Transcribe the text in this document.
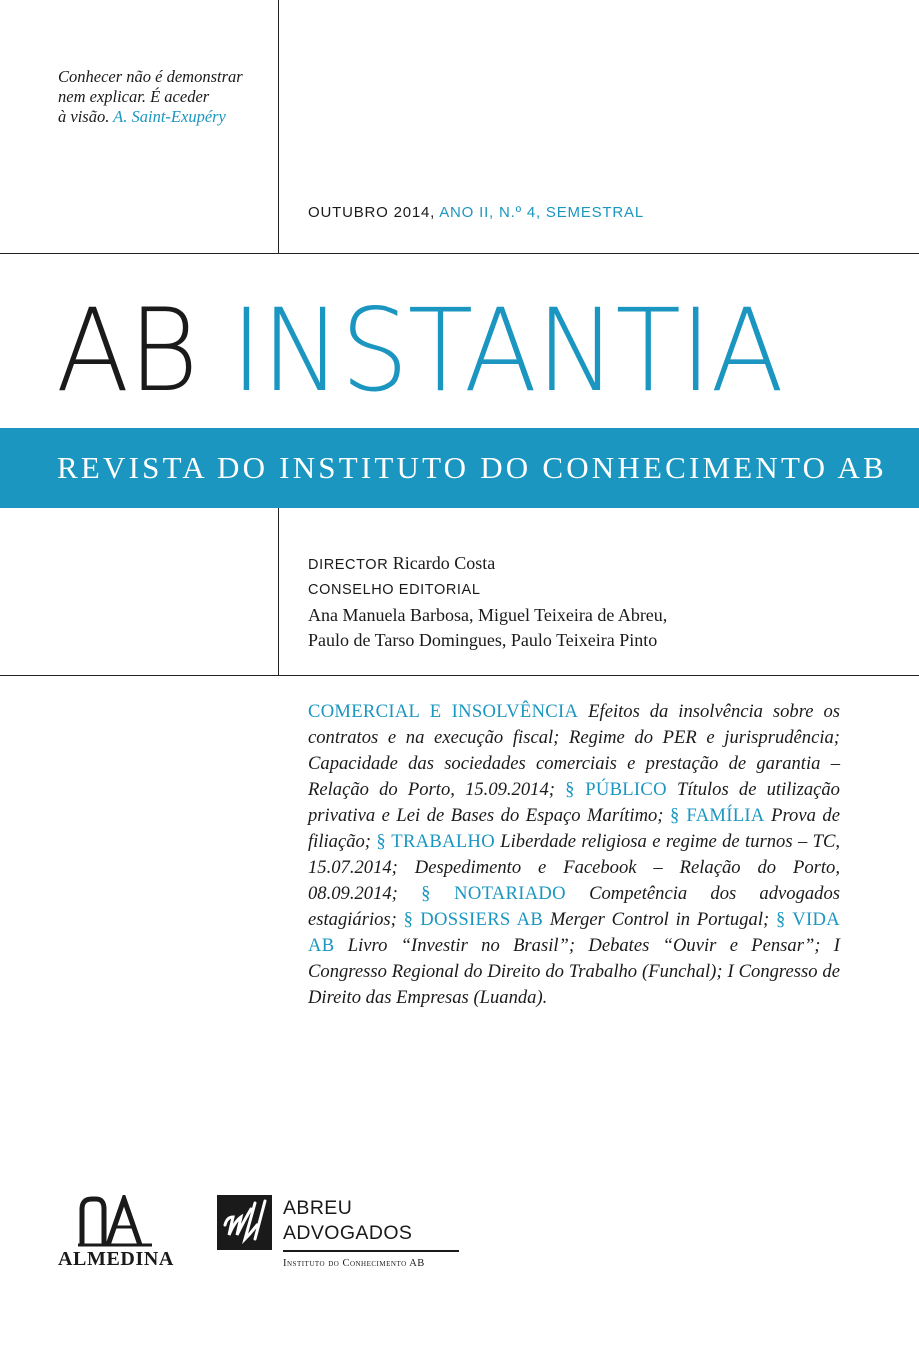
Conhecer não é demonstrar
nem explicar. É aceder
à visão. A. Saint-Exupéry
OUTUBRO 2014, ANO II, N.º 4, SEMESTRAL
AB INSTANTIA
REVISTA DO INSTITUTO DO CONHECIMENTO AB
DIRECTOR Ricardo Costa
CONSELHO EDITORIAL
Ana Manuela Barbosa, Miguel Teixeira de Abreu,
Paulo de Tarso Domingues, Paulo Teixeira Pinto
COMERCIAL E INSOLVÊNCIA Efeitos da insolvência sobre os contratos e na execução fiscal; Regime do PER e jurisprudência; Capacidade das sociedades comerciais e prestação de garantia – Relação do Porto, 15.09.2014; § PÚBLICO Títulos de utilização privativa e Lei de Bases do Espaço Marítimo; § FAMÍLIA Prova de filiação; § TRABALHO Liberdade religiosa e regime de turnos – TC, 15.07.2014; Despedimento e Facebook – Relação do Porto, 08.09.2014; § NOTARIADO Competência dos advogados estagiários; § DOSSIERS AB Merger Control in Portugal; § VIDA AB Livro “Investir no Brasil”; Debates “Ouvir e Pensar”; I Congresso Regional do Direito do Trabalho (Funchal); I Congresso de Direito das Empresas (Luanda).
ALMEDINA
ABREU
ADVOGADOS
Instituto do Conhecimento AB
